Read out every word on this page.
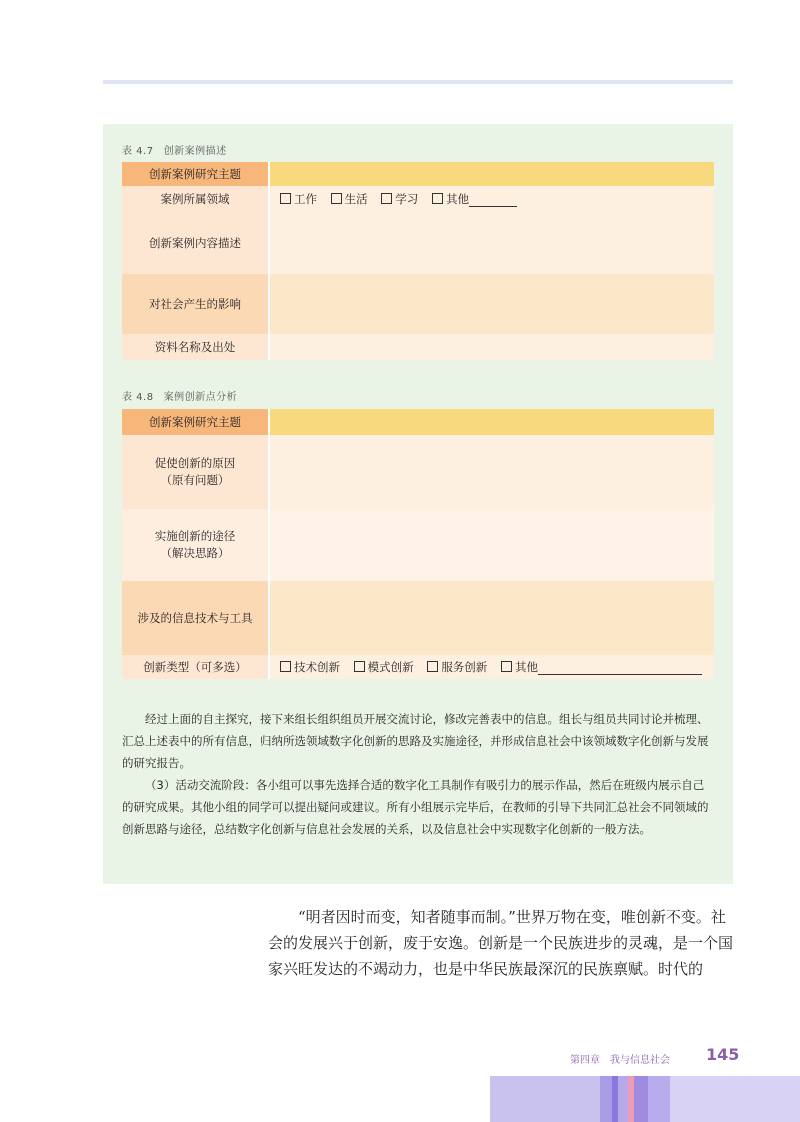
表 4.7 创新案例描述
创新案例研究主题	
案例所属领域	工作 生活 学习 其他
创新案例内容描述	
对社会产生的影响	
资料名称及出处	
表 4.8 案例创新点分析
创新案例研究主题	

促使创新的原因
（原有问题）	

实施创新的途径
（解决思路）	

涉及的信息技术与工具	
创新类型（可多选）	技术创新 模式创新 服务创新 其他

经过上面的自主探究，接下来组长组织组员开展交流讨论，修改完善表中的信息。组长与组员共同讨论并梳理、汇总上述表中的所有信息，归纳所选领域数字化创新的思路及实施途径，并形成信息社会中该领域数字化创新与发展的研究报告。

（3）活动交流阶段：各小组可以事先选择合适的数字化工具制作有吸引力的展示作品，然后在班级内展示自己的研究成果。其他小组的同学可以提出疑问或建议。所有小组展示完毕后，在教师的引导下共同汇总社会不同领域的创新思路与途径，总结数字化创新与信息社会发展的关系，以及信息社会中实现数字化创新的一般方法。

“明者因时而变，知者随事而制。”世界万物在变，唯创新不变。社会的发展兴于创新，废于安逸。创新是一个民族进步的灵魂，是一个国家兴旺发达的不竭动力，也是中华民族最深沉的民族禀赋。时代的

第四章　我与信息社会 145
